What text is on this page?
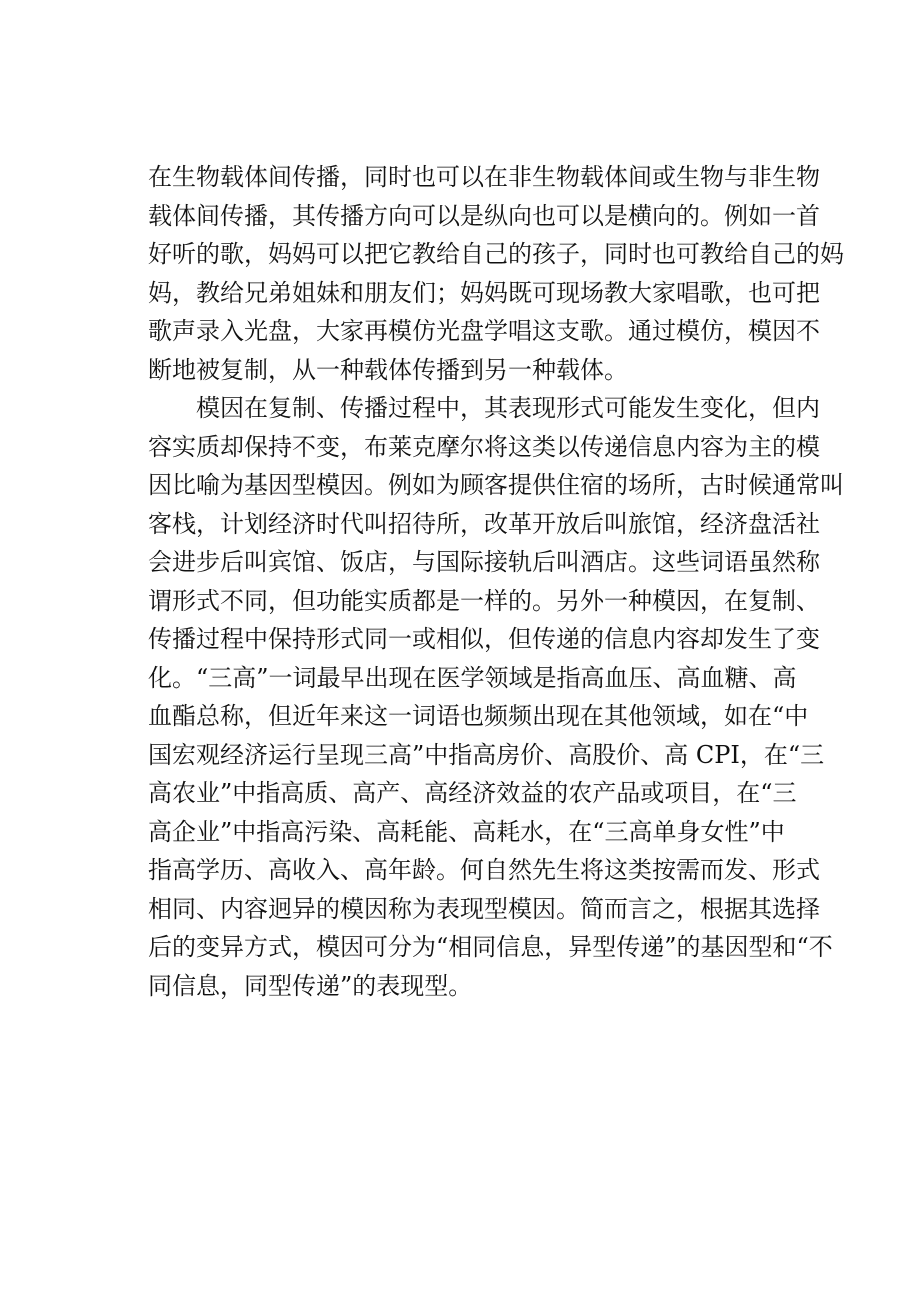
在生物载体间传播，同时也可以在非生物载体间或生物与非生物
载体间传播，其传播方向可以是纵向也可以是横向的。例如一首
好听的歌，妈妈可以把它教给自己的孩子，同时也可教给自己的妈
妈，教给兄弟姐妹和朋友们；妈妈既可现场教大家唱歌，也可把
歌声录入光盘，大家再模仿光盘学唱这支歌。通过模仿，模因不
断地被复制，从一种载体传播到另一种载体。
模因在复制、传播过程中，其表现形式可能发生变化，但内
容实质却保持不变，布莱克摩尔将这类以传递信息内容为主的模
因比喻为基因型模因。例如为顾客提供住宿的场所，古时候通常叫
客栈，计划经济时代叫招待所，改革开放后叫旅馆，经济盘活社
会进步后叫宾馆、饭店，与国际接轨后叫酒店。这些词语虽然称
谓形式不同，但功能实质都是一样的。另外一种模因，在复制、
传播过程中保持形式同一或相似，但传递的信息内容却发生了变
化。“三高”一词最早出现在医学领域是指高血压、高血糖、高
血酯总称，但近年来这一词语也频频出现在其他领域，如在“中
国宏观经济运行呈现三高”中指高房价、高股价、高 CPI，在“三
高农业”中指高质、高产、高经济效益的农产品或项目，在“三
高企业”中指高污染、高耗能、高耗水，在“三高单身女性”中
指高学历、高收入、高年龄。何自然先生将这类按需而发、形式
相同、内容迥异的模因称为表现型模因。简而言之，根据其选择
后的变异方式，模因可分为“相同信息，异型传递”的基因型和“不
同信息，同型传递”的表现型。
